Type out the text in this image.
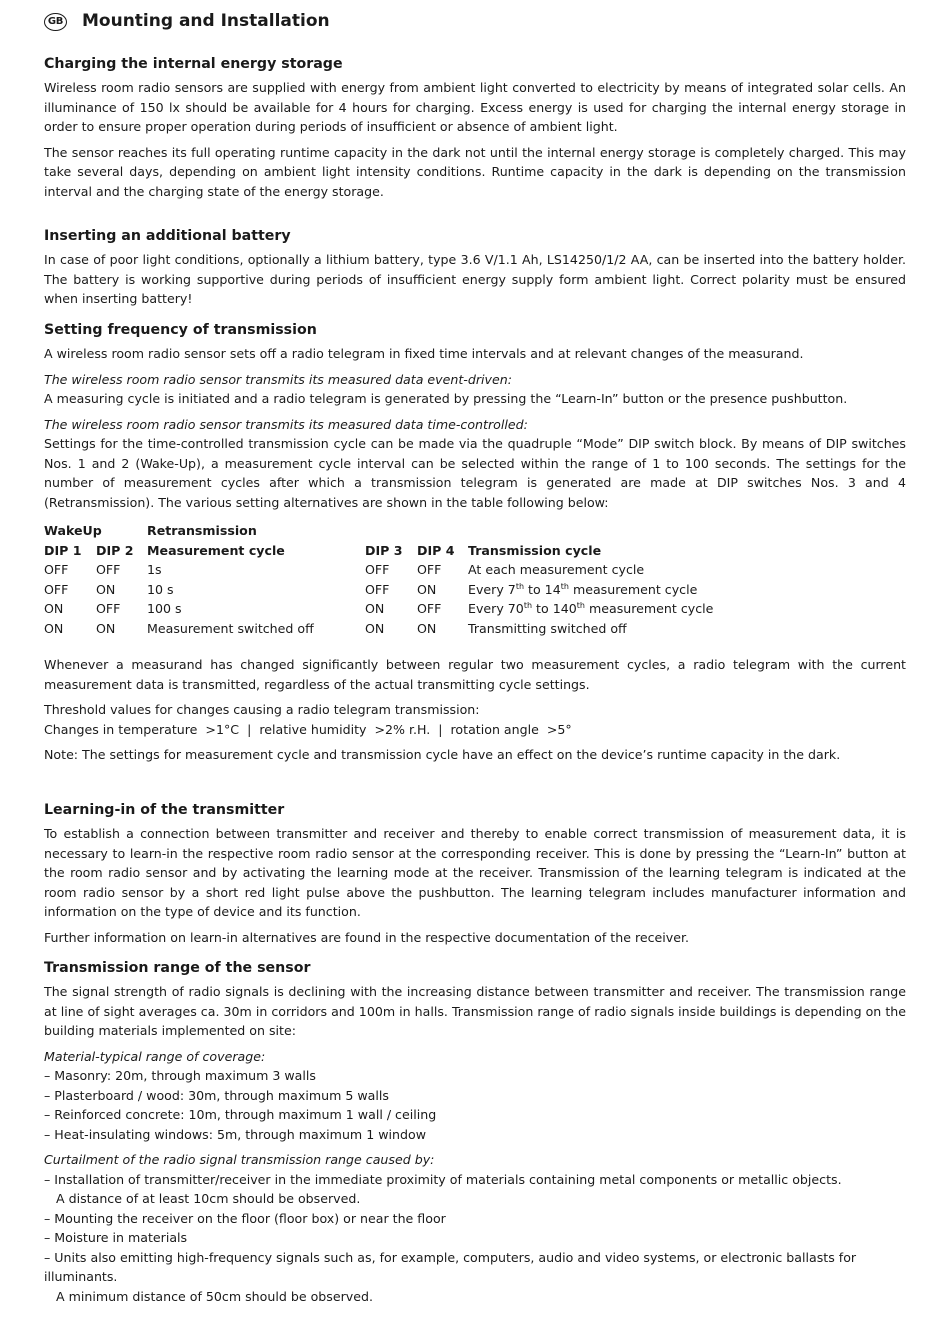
GB Mounting and Installation
Charging the internal energy storage

Wireless room radio sensors are supplied with energy from ambient light converted to electricity by means of integrated solar cells. An illuminance of 150 lx should be available for 4 hours for charging. Excess energy is used for charging the internal energy storage in order to ensure proper operation during periods of insufficient or absence of ambient light.

The sensor reaches its full operating runtime capacity in the dark not until the internal energy storage is completely charged. This may take several days, depending on ambient light intensity conditions. Runtime capacity in the dark is depending on the transmission interval and the charging state of the energy storage.

Inserting an additional battery

In case of poor light conditions, optionally a lithium battery, type 3.6 V/1.1 Ah, LS14250/1/2 AA, can be inserted into the battery holder. The battery is working supportive during periods of insufficient energy supply form ambient light. Correct polarity must be ensured when inserting battery!

Setting frequency of transmission

A wireless room radio sensor sets off a radio telegram in fixed time intervals and at relevant changes of the measurand.

The wireless room radio sensor transmits its measured data event-driven:

A measuring cycle is initiated and a radio telegram is generated by pressing the “Learn-In” button or the presence pushbutton.

The wireless room radio sensor transmits its measured data time-controlled:

Settings for the time-controlled transmission cycle can be made via the quadruple “Mode” DIP switch block. By means of DIP switches Nos. 1 and 2 (Wake-Up), a measurement cycle interval can be selected within the range of 1 to 100 seconds. The settings for the number of measurement cycles after which a transmission telegram is generated are made at DIP switches Nos. 3 and 4 (Retransmission). The various setting alternatives are shown in the table following below:

WakeUp	Retransmission
DIP 1 DIP 2 Measurement cycle	DIP 3 DIP 4 Transmission cycle
OFF OFF 1s	OFF OFF At each measurement cycle
OFF ON	10 s	OFF ON	Every 7th to 14th measurement cycle
ON	OFF 100 s	ON	OFF Every 70th to 140th measurement cycle
ON	ON	Measurement switched off	ON	ON	Transmitting switched off

Whenever a measurand has changed significantly between regular two measurement cycles, a radio telegram with the current measurement data is transmitted, regardless of the actual transmitting cycle settings.

Threshold values for changes causing a radio telegram transmission:

Changes in temperature  >1°C  |  relative humidity  >2% r.H.  |  rotation angle  >5°

Note: The settings for measurement cycle and transmission cycle have an effect on the device’s runtime capacity in the dark.

Learning-in of the transmitter

To establish a connection between transmitter and receiver and thereby to enable correct transmission of measurement data, it is necessary to learn-in the respective room radio sensor at the corresponding receiver. This is done by pressing the “Learn-In” button at the room radio sensor and by activating the learning mode at the receiver. Transmission of the learning telegram is indicated at the room radio sensor by a short red light pulse above the pushbutton. The learning telegram includes manufacturer information and information on the type of device and its function.

Further information on learn-in alternatives are found in the respective documentation of the receiver.

Transmission range of the sensor

The signal strength of radio signals is declining with the increasing distance between transmitter and receiver. The transmission range at line of sight averages ca. 30m in corridors and 100m in halls. Transmission range of radio signals inside buildings is depending on the building materials implemented on site:

Material-typical range of coverage:

– Masonry: 20m, through maximum 3 walls
– Plasterboard / wood: 30m, through maximum 5 walls
– Reinforced concrete: 10m, through maximum 1 wall / ceiling
– Heat-insulating windows: 5m, through maximum 1 window

Curtailment of the radio signal transmission range caused by:

– Installation of transmitter/receiver in the immediate proximity of materials containing metal components or metallic objects.
A distance of at least 10cm should be observed.
– Mounting the receiver on the floor (floor box) or near the floor
– Moisture in materials
– Units also emitting high-frequency signals such as, for example, computers, audio and video systems, or electronic ballasts for illuminants.
A minimum distance of 50cm should be observed.
